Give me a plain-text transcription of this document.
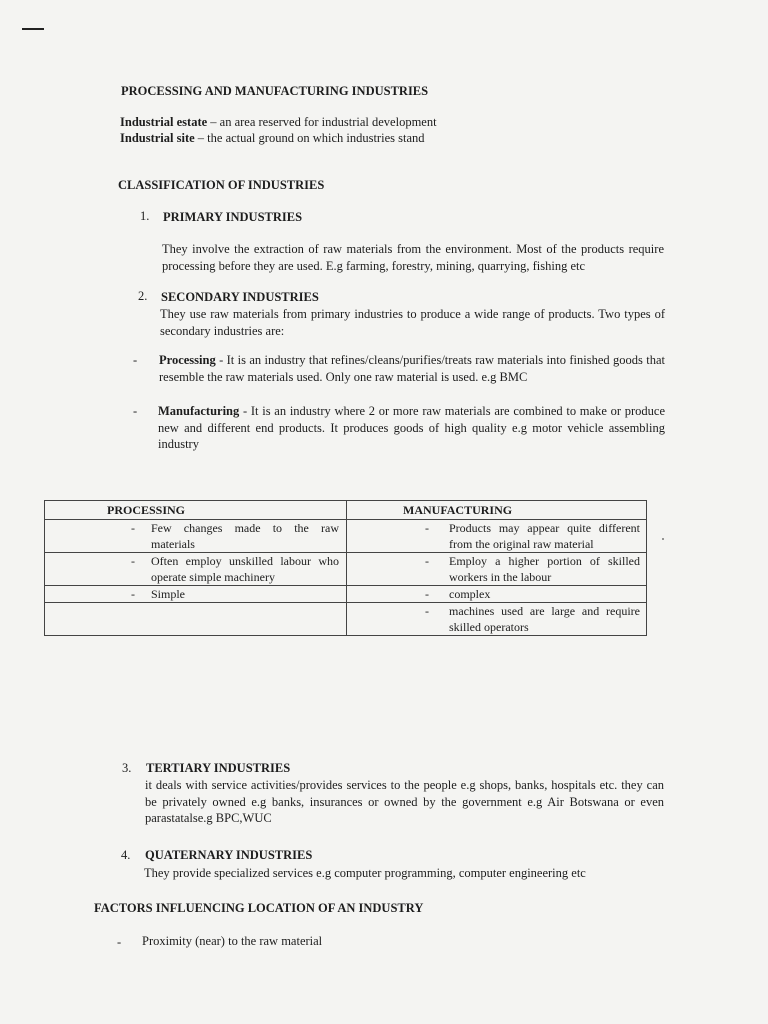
PROCESSING AND MANUFACTURING INDUSTRIES
Industrial estate – an area reserved for industrial development
Industrial site – the actual ground on which industries stand
CLASSIFICATION OF INDUSTRIES
1. PRIMARY INDUSTRIES
They involve the extraction of raw materials from the environment. Most of the products require processing before they are used. E.g farming, forestry, mining, quarrying, fishing etc
2. SECONDARY INDUSTRIES
They use raw materials from primary industries to produce a wide range of products. Two types of secondary industries are:
- Processing - It is an industry that refines/cleans/purifies/treats raw materials into finished goods that resemble the raw materials used. Only one raw material is used. e.g BMC
- Manufacturing - It is an industry where 2 or more raw materials are combined to make or produce new and different end products. It produces goods of high quality e.g motor vehicle assembling industry
PROCESSING	MANUFACTURING

- Few changes made to the raw materials	- Products may appear quite different from the original raw material

- Often employ unskilled labour who operate simple machinery	- Employ a higher portion of skilled workers in the labour

- Simple	- complex

	- machines used are large and require skilled operators
3. TERTIARY INDUSTRIES
it deals with service activities/provides services to the people e.g shops, banks, hospitals etc. they can be privately owned e.g banks, insurances or owned by the government e.g Air Botswana or even parastatalse.g BPC,WUC
4. QUATERNARY INDUSTRIES
They provide specialized services e.g computer programming, computer engineering etc
FACTORS INFLUENCING LOCATION OF AN INDUSTRY
- Proximity (near) to the raw material
